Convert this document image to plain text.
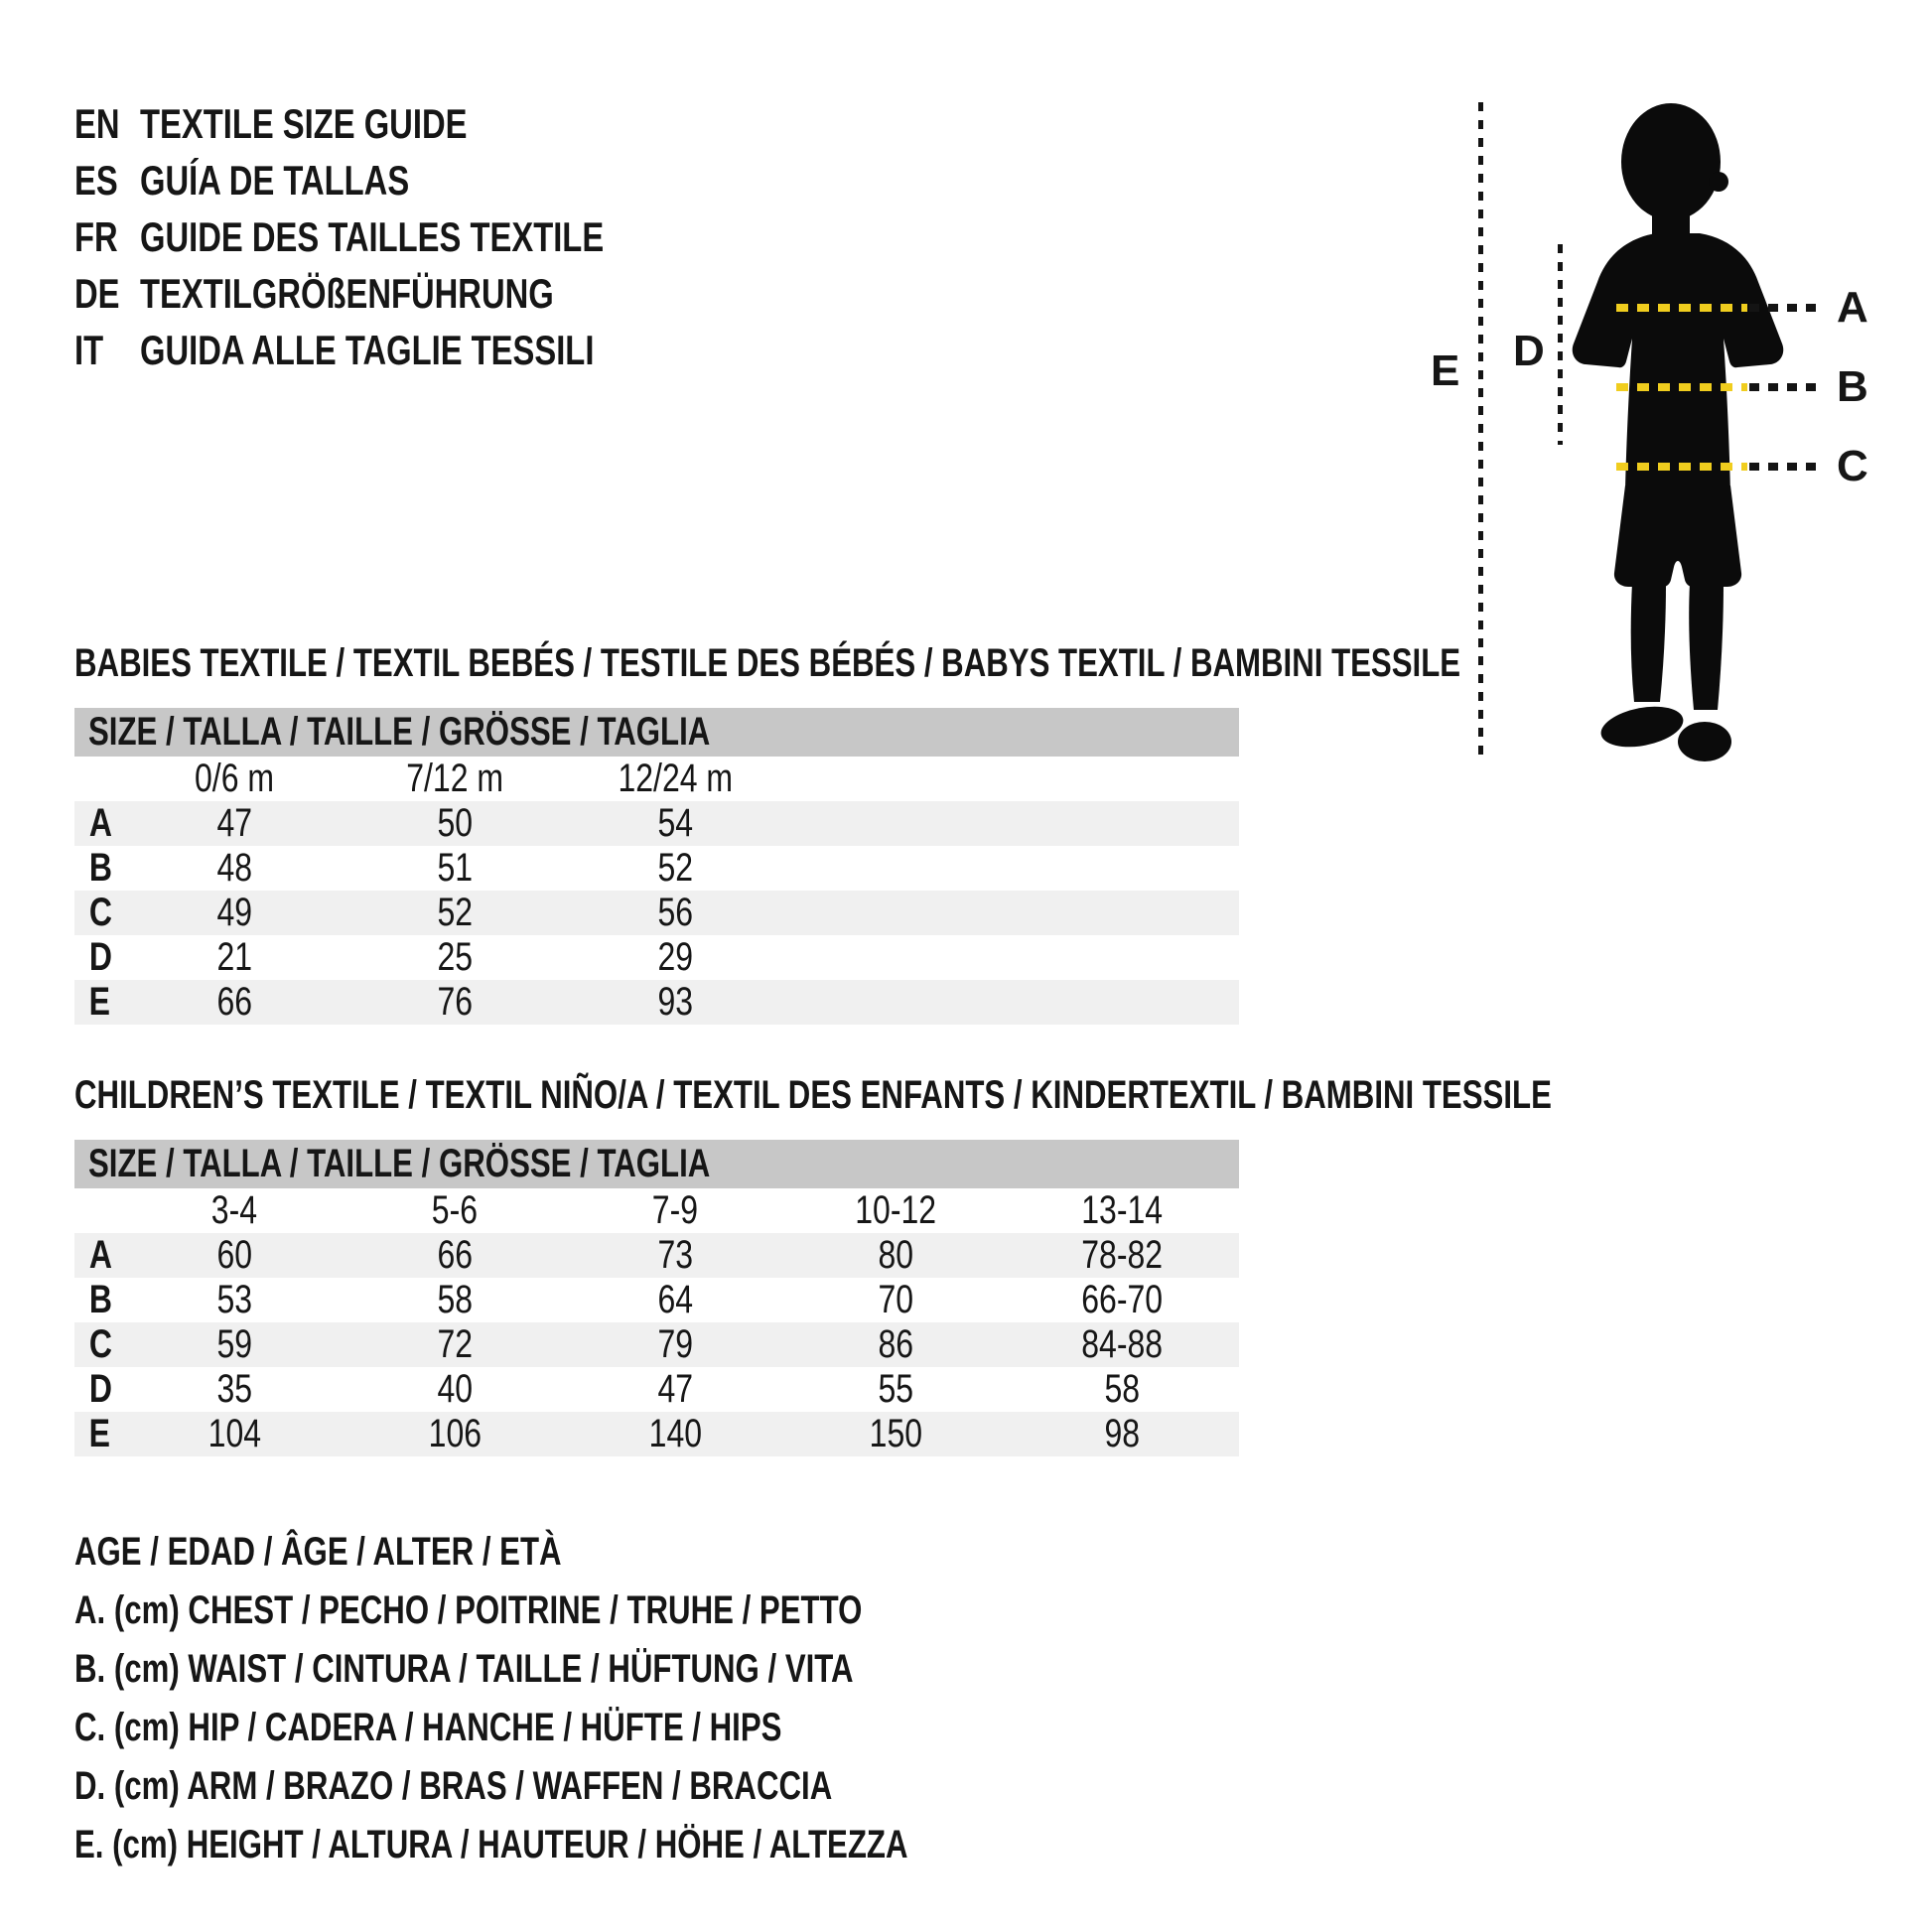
EN TEXTILE SIZE GUIDE
ES GUÍA DE TALLAS
FR GUIDE DES TAILLES TEXTILE
DE TEXTILGRÖßENFÜHRUNG
IT GUIDA ALLE TAGLIE TESSILI	E D
A
B
C
BABIES TEXTILE / TEXTIL BEBÉS / TESTILE DES BÉBÉS / BABYS TEXTIL / BAMBINI TESSILE
SIZE / TALLA / TAILLE / GRÖSSE / TAGLIA
0/6 m	7/12 m	12/24 m
A	47	50	54
B	48	51	52
C	49	52	56
D	21	25	29
E	66	76	93
CHILDREN’S TEXTILE / TEXTIL NIÑO/A / TEXTIL DES ENFANTS / KINDERTEXTIL / BAMBINI TESSILE
SIZE / TALLA / TAILLE / GRÖSSE / TAGLIA
3-4	5-6	7-9	10-12	13-14
A	60	66	73	80	78-82
B	53	58	64	70	66-70
C	59	72	79	86	84-88
D	35	40	47	55	58
E	104	106	140	150	98
AGE / EDAD / ÂGE / ALTER / ETÀ
A. (cm) CHEST / PECHO / POITRINE / TRUHE / PETTO
B. (cm) WAIST / CINTURA / TAILLE / HÜFTUNG / VITA
C. (cm) HIP / CADERA / HANCHE / HÜFTE / HIPS
D. (cm) ARM / BRAZO / BRAS / WAFFEN / BRACCIA
E. (cm) HEIGHT / ALTURA / HAUTEUR / HÖHE / ALTEZZA
